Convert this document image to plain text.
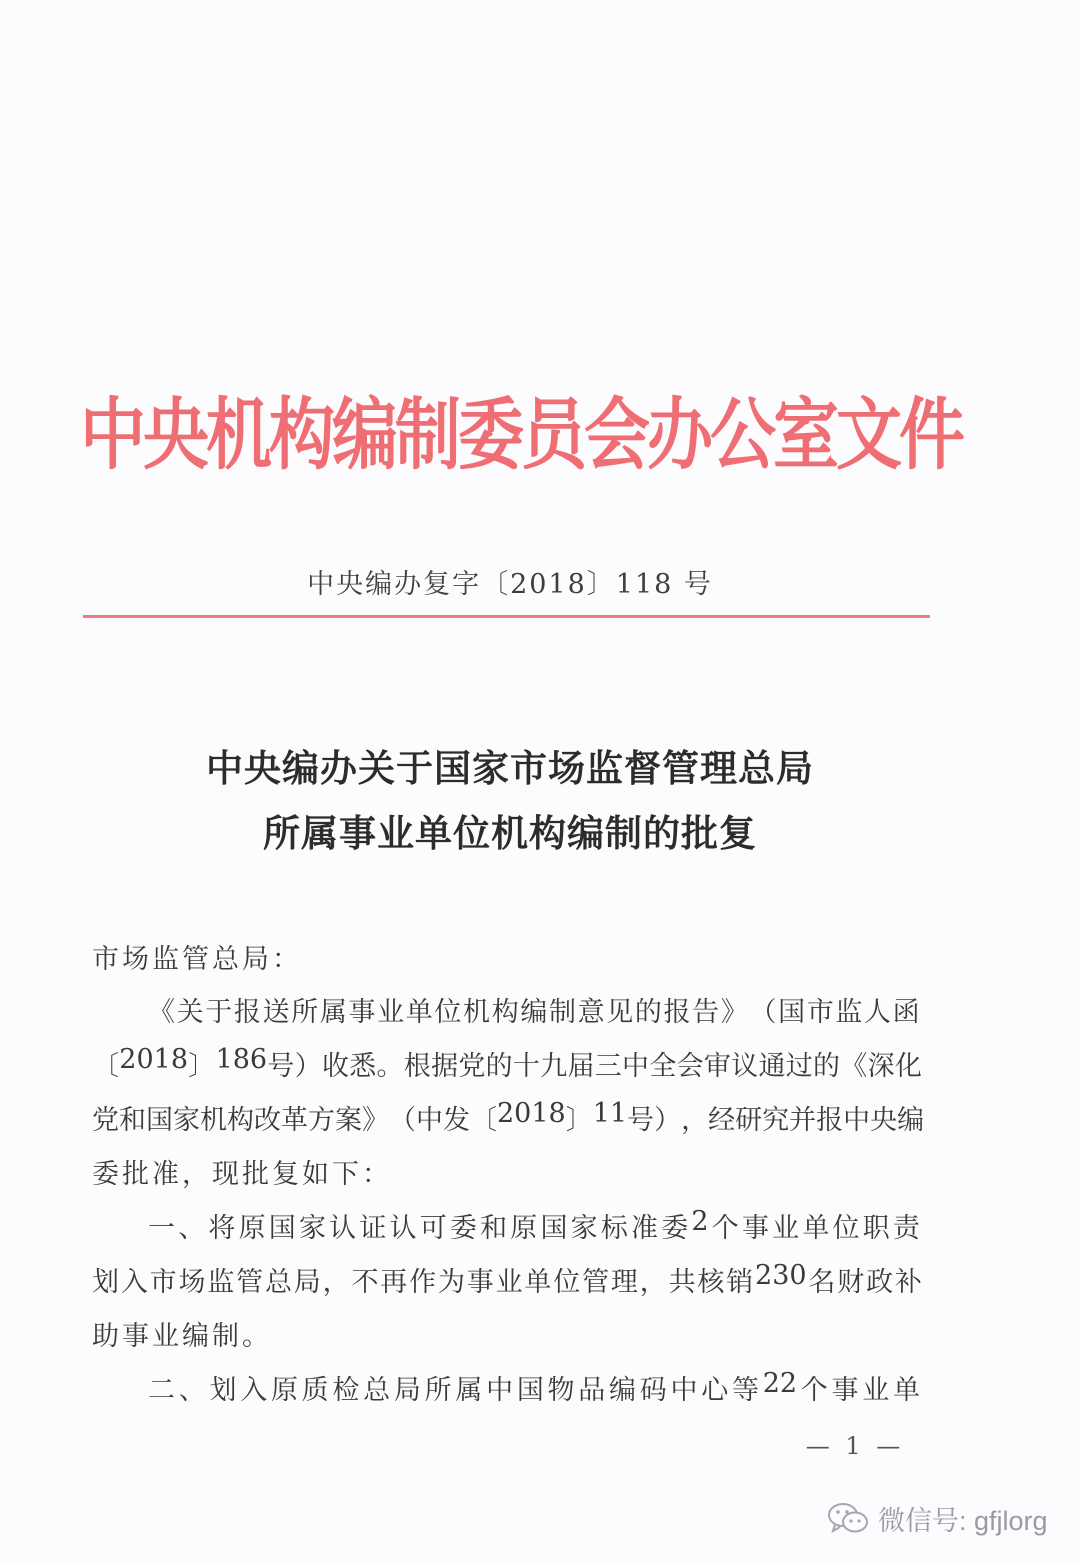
中央机构编制委员会办公室文件
中央编办复字〔2018〕118 号
中央编办关于国家市场监督管理总局
所属事业单位机构编制的批复
市场监管总局：
《 关 于 报 送 所 属 事 业 单 位 机 构 编 制 意 见 的 报 告 》 （ 国 市 监 人 函
〔 2018 〕 186 号 ） 收 悉 。 根 据 党 的 十 九 届 三 中 全 会 审 议 通 过 的 《 深 化
党 和 国 家 机 构 改 革 方 案 》 （ 中 发 〔 2018 〕 11 号 ） ， 经 研 究 并 报 中 央 编
委批准，现批复如下：
一 、 将 原 国 家 认 证 认 可 委 和 原 国 家 标 准 委 2 个 事 业 单 位 职 责
划 入 市 场 监 管 总 局 ， 不 再 作 为 事 业 单 位 管 理 ， 共 核 销 230 名 财 政 补
助事业编制。
二 、 划 入 原 质 检 总 局 所 属 中 国 物 品 编 码 中 心 等 22 个 事 业 单
— 1 —
微信号: gfjlorg
